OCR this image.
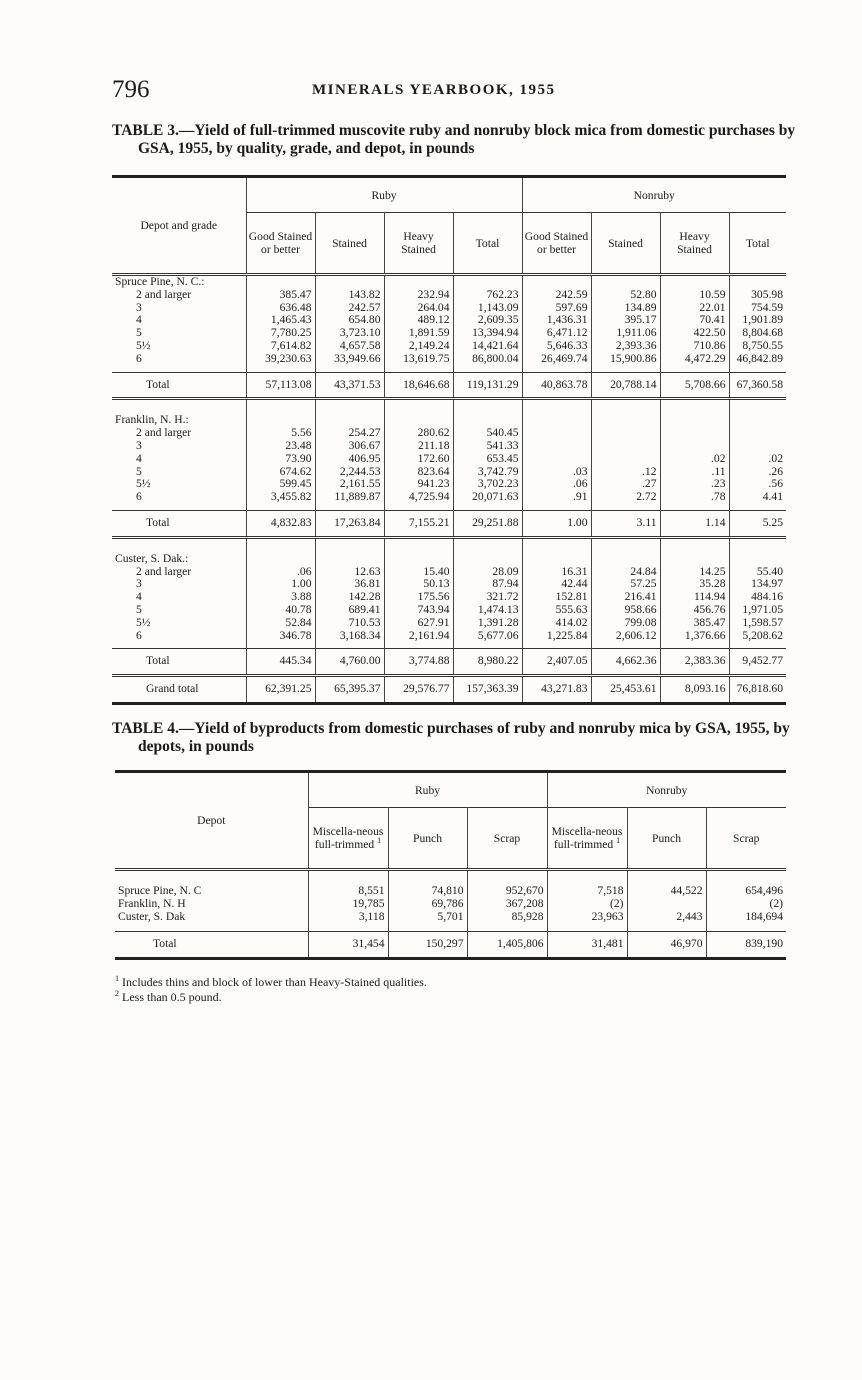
796	MINERALS YEARBOOK, 1955
TABLE 3.—Yield of full-trimmed muscovite ruby and nonruby block mica from domestic purchases by GSA, 1955, by quality, grade, and depot, in pounds
Depot and grade	Ruby				Nonruby			
	Good Stained or better	Stained	Heavy Stained	Total	Good Stained or better	Stained	Heavy Stained	Total
Spruce Pine, N. C.:								
2 and larger	385.47	143.82	232.94	762.23	242.59	52.80	10.59	305.98
3	636.48	242.57	264.04	1,143.09	597.69	134.89	22.01	754.59
4	1,465.43	654.80	489.12	2,609.35	1,436.31	395.17	70.41	1,901.89
5	7,780.25	3,723.10	1,891.59	13,394.94	6,471.12	1,911.06	422.50	8,804.68
5½	7,614.82	4,657.58	2,149.24	14,421.64	5,646.33	2,393.36	710.86	8,750.55
6	39,230.63	33,949.66	13,619.75	86,800.04	26,469.74	15,900.86	4,472.29	46,842.89
Total	57,113.08	43,371.53	18,646.68	119,131.29	40,863.78	20,788.14	5,708.66	67,360.58
Franklin, N. H.:								
2 and larger	5.56	254.27	280.62	540.45				
3	23.48	306.67	211.18	541.33				
4	73.90	406.95	172.60	653.45			.02	.02
5	674.62	2,244.53	823.64	3,742.79	.03	.12	.11	.26
5½	599.45	2,161.55	941.23	3,702.23	.06	.27	.23	.56
6	3,455.82	11,889.87	4,725.94	20,071.63	.91	2.72	.78	4.41
Total	4,832.83	17,263.84	7,155.21	29,251.88	1.00	3.11	1.14	5.25
Custer, S. Dak.:								
2 and larger	.06	12.63	15.40	28.09	16.31	24.84	14.25	55.40
3	1.00	36.81	50.13	87.94	42.44	57.25	35.28	134.97
4	3.88	142.28	175.56	321.72	152.81	216.41	114.94	484.16
5	40.78	689.41	743.94	1,474.13	555.63	958.66	456.76	1,971.05
5½	52.84	710.53	627.91	1,391.28	414.02	799.08	385.47	1,598.57
6	346.78	3,168.34	2,161.94	5,677.06	1,225.84	2,606.12	1,376.66	5,208.62
Total	445.34	4,760.00	3,774.88	8,980.22	2,407.05	4,662.36	2,383.36	9,452.77
Grand total	62,391.25	65,395.37	29,576.77	157,363.39	43,271.83	25,453.61	8,093.16	76,818.60
TABLE 4.—Yield of byproducts from domestic purchases of ruby and nonruby mica by GSA, 1955, by depots, in pounds
Depot	Ruby			Nonruby		
	Miscella-neous full-trimmed $^1$	Punch	Scrap	Miscella-neous full-trimmed $^1$	Punch	Scrap
Spruce Pine, N. C	8,551	74,810	952,670	7,518	44,522	654,496
Franklin, N. H	19,785	69,786	367,208	(2)		(2)
Custer, S. Dak	3,118	5,701	85,928	23,963	2,443	184,694
Total	31,454	150,297	1,405,806	31,481	46,970	839,190
$^1$ Includes thins and block of lower than Heavy-Stained qualities.
$^2$ Less than 0.5 pound.
